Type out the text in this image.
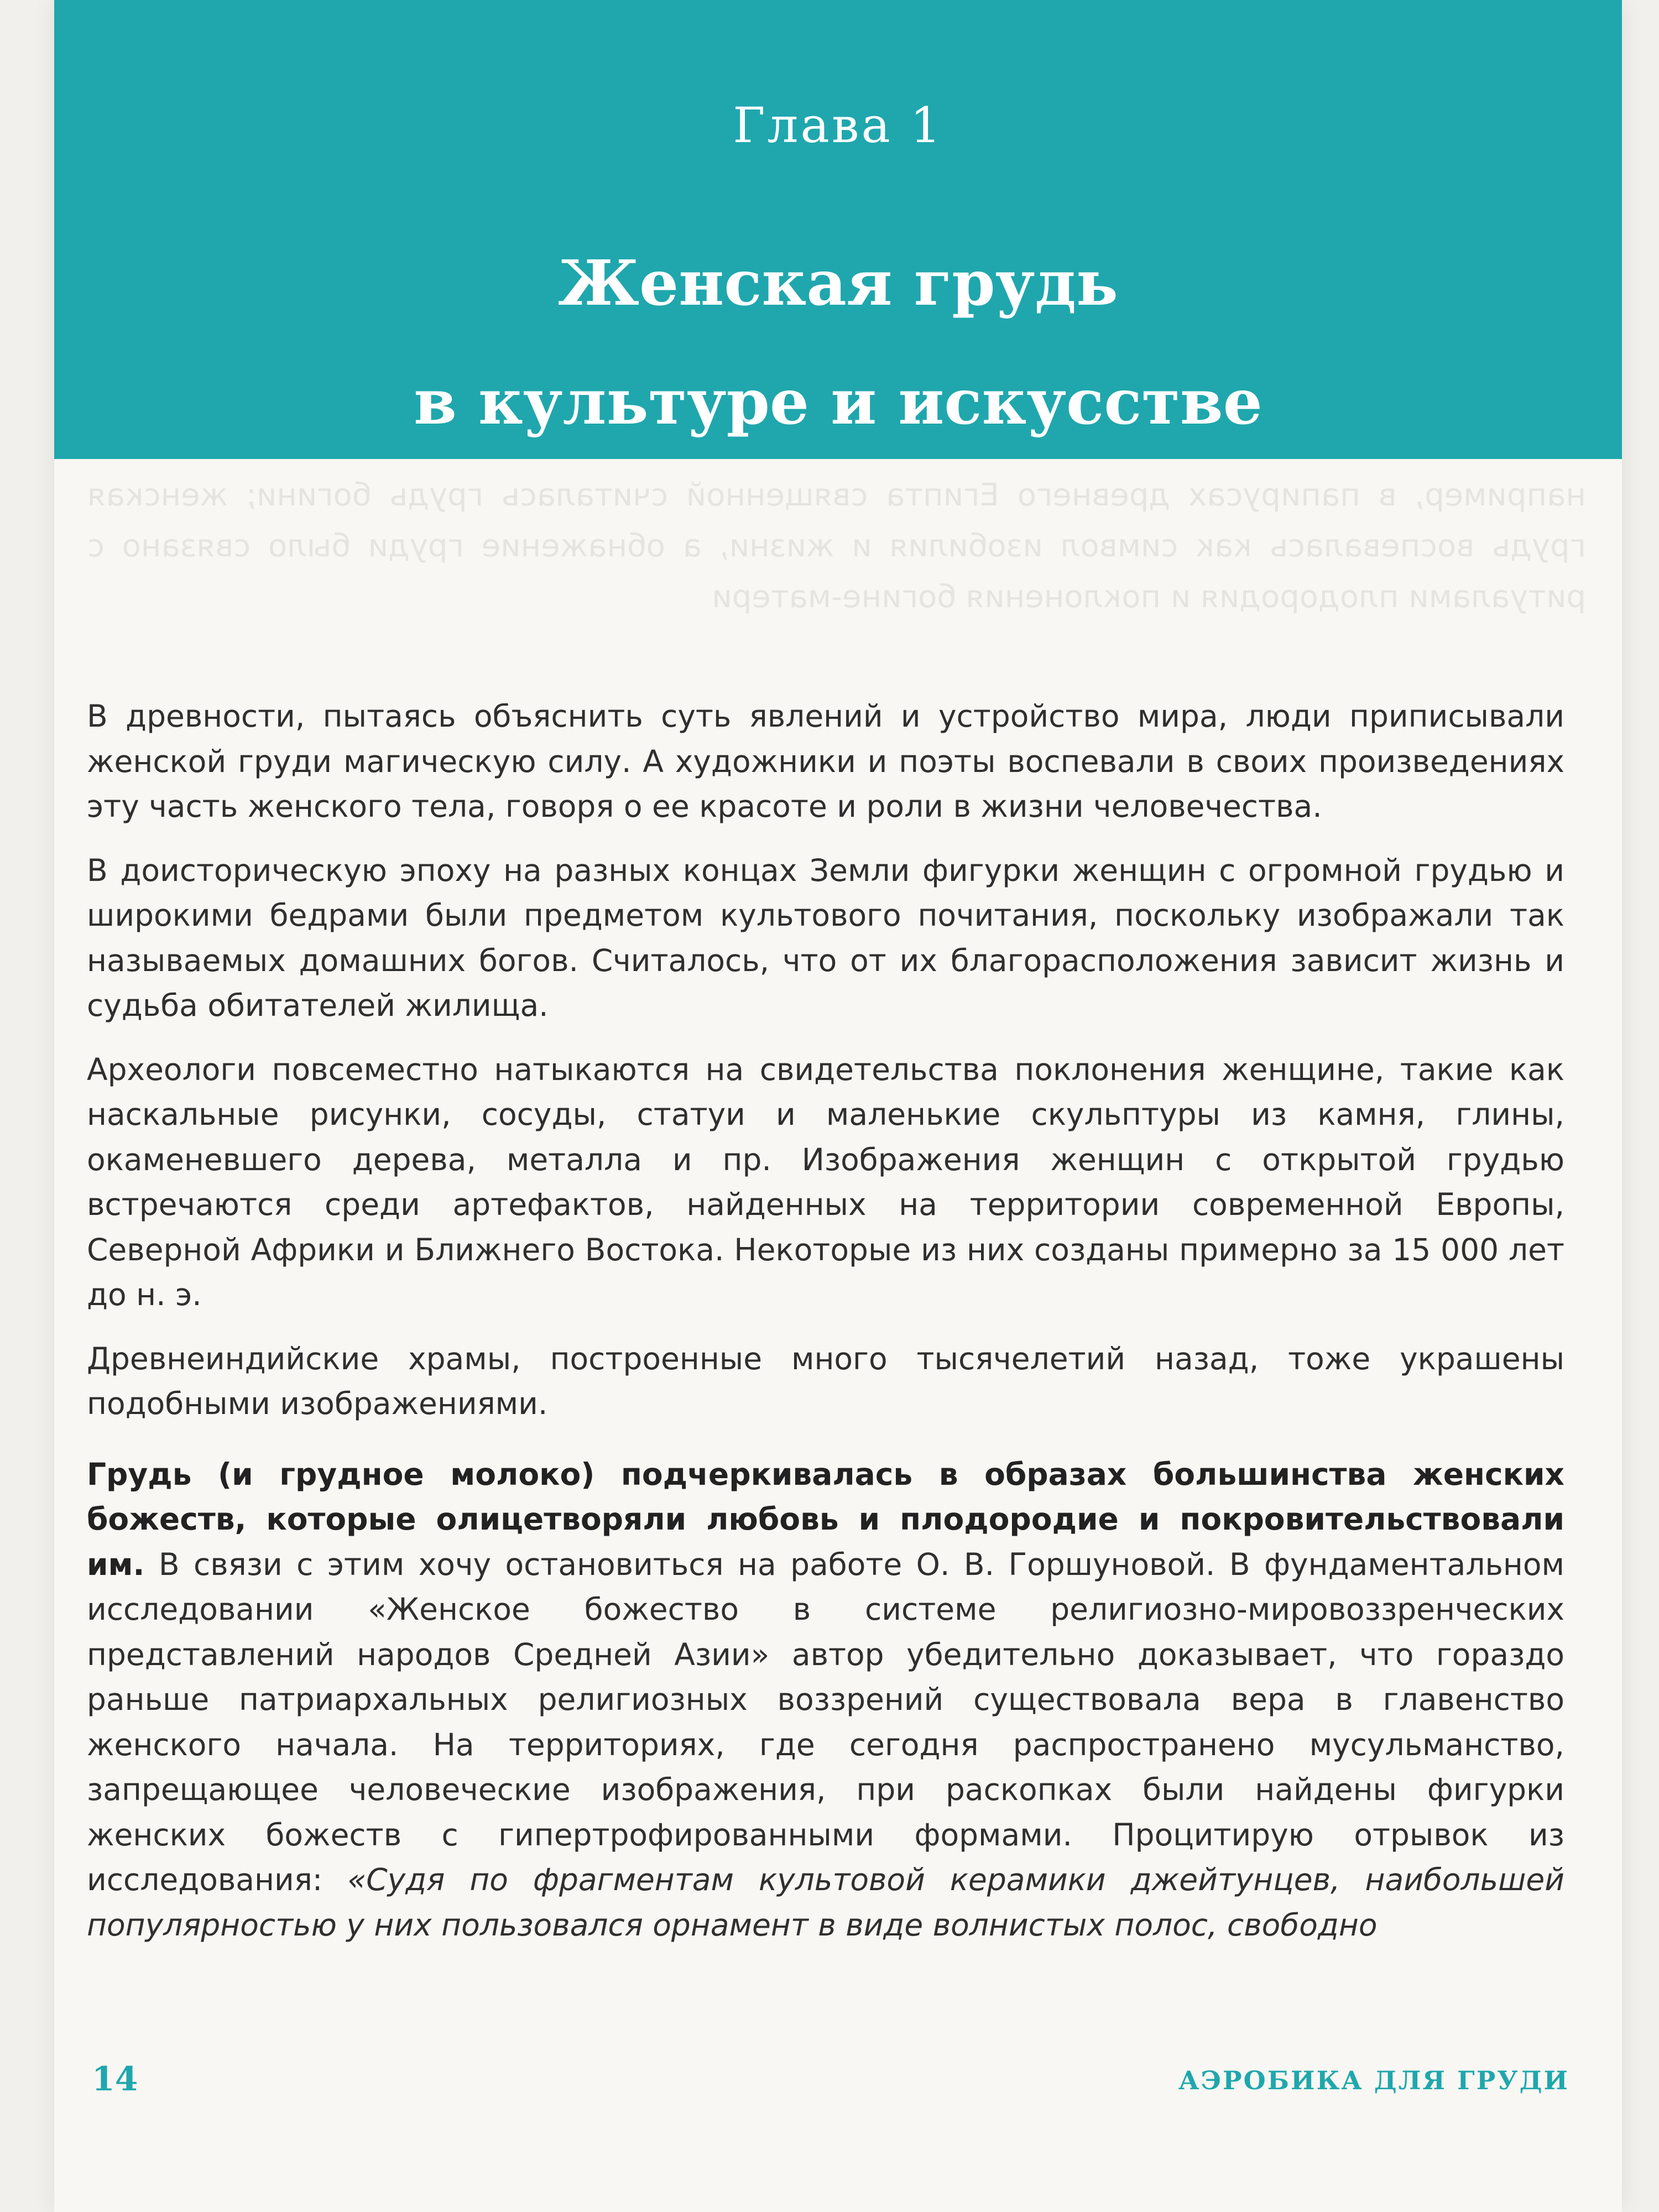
Глава 1
Женская грудь
в культуре и искусстве
например, в папирусах древнего Египта священной считалась грудь богини; женская грудь воспевалась как символ изобилия и жизни, а обнажение груди было связано с ритуалами плодородия и поклонения богине-матери

В древности, пытаясь объяснить суть явлений и устройство мира, люди приписывали женской груди магическую силу. А художники и поэты воспевали в своих произведениях эту часть женского тела, говоря о ее красоте и роли в жизни человечества.

В доисторическую эпоху на разных концах Земли фигурки женщин с огромной грудью и широкими бедрами были предметом культового почитания, поскольку изображали так называемых домашних богов. Считалось, что от их благорасположения зависит жизнь и судьба обитателей жилища.

Археологи повсеместно натыкаются на свидетельства поклонения женщине, такие как наскальные рисунки, сосуды, статуи и маленькие скульптуры из камня, глины, окаменевшего дерева, металла и пр. Изображения женщин с открытой грудью встречаются среди артефактов, найденных на территории современной Европы, Северной Африки и Ближнего Востока. Некоторые из них созданы примерно за 15 000 лет до н. э.

Древнеиндийские храмы, построенные много тысячелетий назад, тоже украшены подобными изображениями.

Грудь (и грудное молоко) подчеркивалась в образах большинства женских божеств, которые олицетворяли любовь и плодородие и покровительствовали им. В связи с этим хочу остановиться на работе О. В. Горшуновой. В фундаментальном исследовании «Женское божество в системе религиозно-мировоззренческих представлений народов Средней Азии» автор убедительно доказывает, что гораздо раньше патриархальных религиозных воззрений существовала вера в главенство женского начала. На территориях, где сегодня распространено мусульманство, запрещающее человеческие изображения, при раскопках были найдены фигурки женских божеств с гипертрофированными формами. Процитирую отрывок из исследования: «Судя по фрагментам культовой керамики джейтунцев, наибольшей популярностью у них пользовался орнамент в виде волнистых полос, свободно

14	АЭРОБИКА ДЛЯ ГРУДИ
